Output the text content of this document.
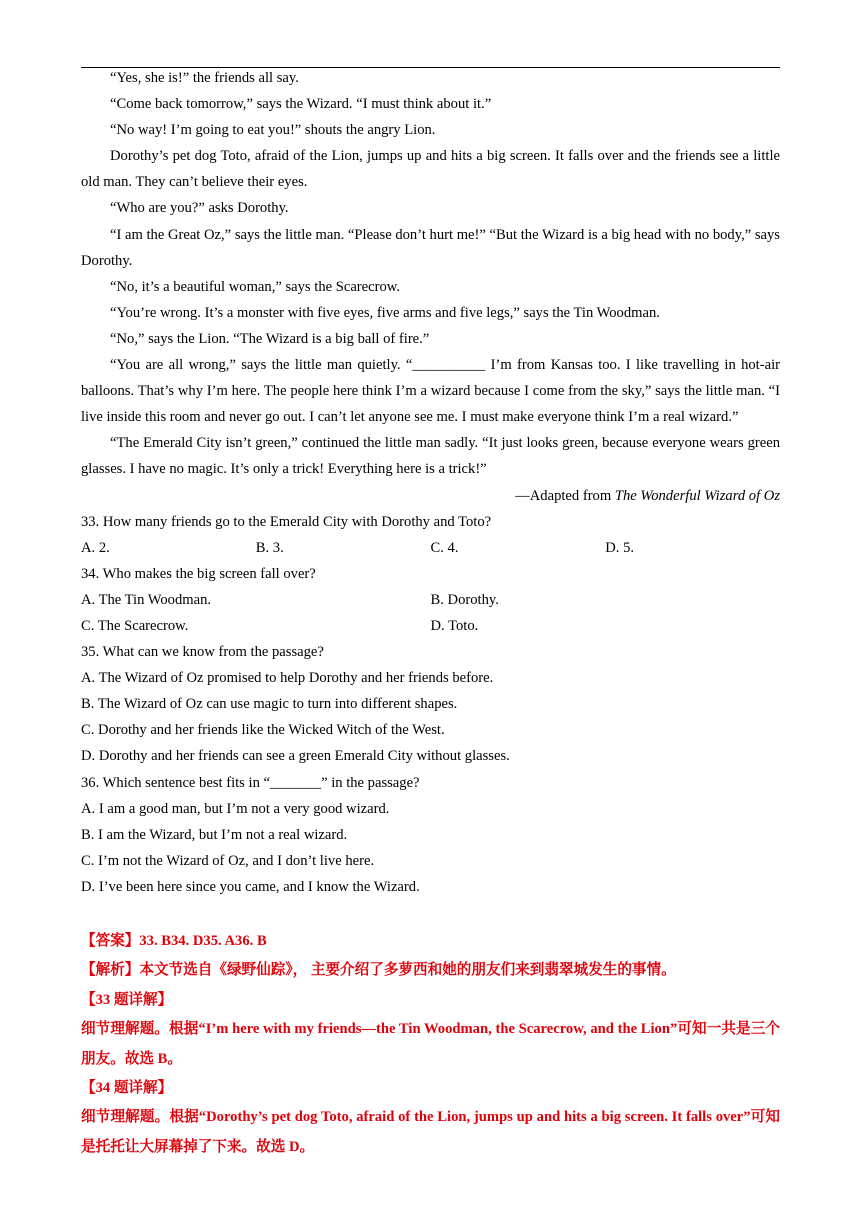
“Yes, she is!” the friends all say.

“Come back tomorrow,” says the Wizard. “I must think about it.”

“No way! I’m going to eat you!” shouts the angry Lion.

Dorothy’s pet dog Toto, afraid of the Lion, jumps up and hits a big screen. It falls over and the friends see a little old man. They can’t believe their eyes.

“Who are you?” asks Dorothy.

“I am the Great Oz,” says the little man. “Please don’t hurt me!” “But the Wizard is a big head with no body,” says Dorothy.

“No, it’s a beautiful woman,” says the Scarecrow.

“You’re wrong. It’s a monster with five eyes, five arms and five legs,” says the Tin Woodman.

“No,” says the Lion. “The Wizard is a big ball of fire.”

“You are all wrong,” says the little man quietly. “__________ I’m from Kansas too. I like travelling in hot-air balloons. That’s why I’m here. The people here think I’m a wizard because I come from the sky,” says the little man. “I live inside this room and never go out. I can’t let anyone see me. I must make everyone think I’m a real wizard.”

“The Emerald City isn’t green,” continued the little man sadly. “It just looks green, because everyone wears green glasses. I have no magic. It’s only a trick! Everything here is a trick!”

—Adapted from The Wonderful Wizard of Oz

33. How many friends go to the Emerald City with Dorothy and Toto?

A. 2.	B. 3.	C. 4.	D. 5.

34. Who makes the big screen fall over?

A. The Tin Woodman.	B. Dorothy.
C. The Scarecrow.	D. Toto.

35. What can we know from the passage?

A. The Wizard of Oz promised to help Dorothy and her friends before.

B. The Wizard of Oz can use magic to turn into different shapes.

C. Dorothy and her friends like the Wicked Witch of the West.

D. Dorothy and her friends can see a green Emerald City without glasses.

36. Which sentence best fits in “_______” in the passage?

A. I am a good man, but I’m not a very good wizard.

B. I am the Wizard, but I’m not a real wizard.

C. I’m not the Wizard of Oz, and I don’t live here.

D. I’ve been here since you came, and I know the Wizard.

【答案】33. B34. D35. A36. B

【解析】本文节选自《绿野仙踪》， 主要介绍了多萝西和她的朋友们来到翡翠城发生的事情。

【33 题详解】

细节理解题。根据“I’m here with my friends—the Tin Woodman, the Scarecrow, and the Lion”可知一共是三个朋友。故选 B。

【34 题详解】

细节理解题。根据“Dorothy’s pet dog Toto, afraid of the Lion, jumps up and hits a big screen. It falls over”可知是托托让大屏幕掉了下来。故选 D。
